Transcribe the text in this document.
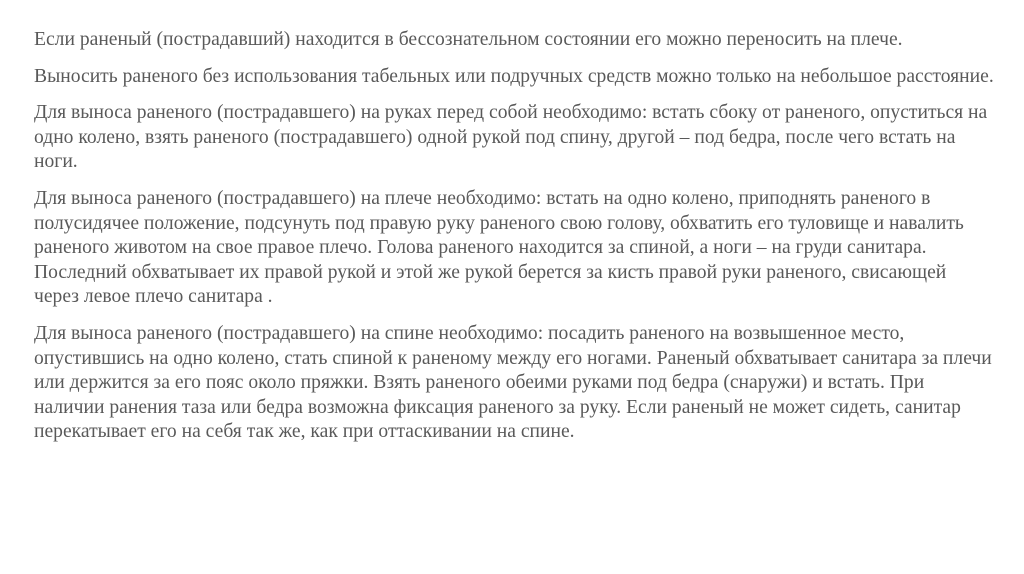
Если раненый (пострадавший) находится в бессознательном состоянии его можно переносить на плече.

Выносить раненого без использования табельных или подручных средств можно только на небольшое расстояние.

Для выноса раненого (пострадавшего) на руках перед собой необходимо: встать сбоку от раненого, опуститься на одно колено, взять раненого (пострадавшего) одной рукой под спину, другой – под бедра, после чего встать на ноги.

Для выноса раненого (пострадавшего) на плече необходимо: встать на одно колено, приподнять раненого в полусидячее положение, подсунуть под правую руку раненого свою голову, обхватить его туловище и навалить раненого животом на свое правое плечо. Голова раненого находится за спиной, а ноги – на груди санитара. Последний обхватывает их правой рукой и этой же рукой берется за кисть правой руки раненого, свисающей через левое плечо санитара .

Для выноса раненого (пострадавшего) на спине необходимо: посадить раненого на возвышенное место, опустившись на одно колено, стать спиной к раненому между его ногами. Раненый обхватывает санитара за плечи или держится за его пояс около пряжки. Взять раненого обеими руками под бедра (снаружи) и встать. При наличии ранения таза или бедра возможна фиксация раненого за руку. Если раненый не может сидеть, санитар перекатывает его на себя так же, как при оттаскивании на спине.
